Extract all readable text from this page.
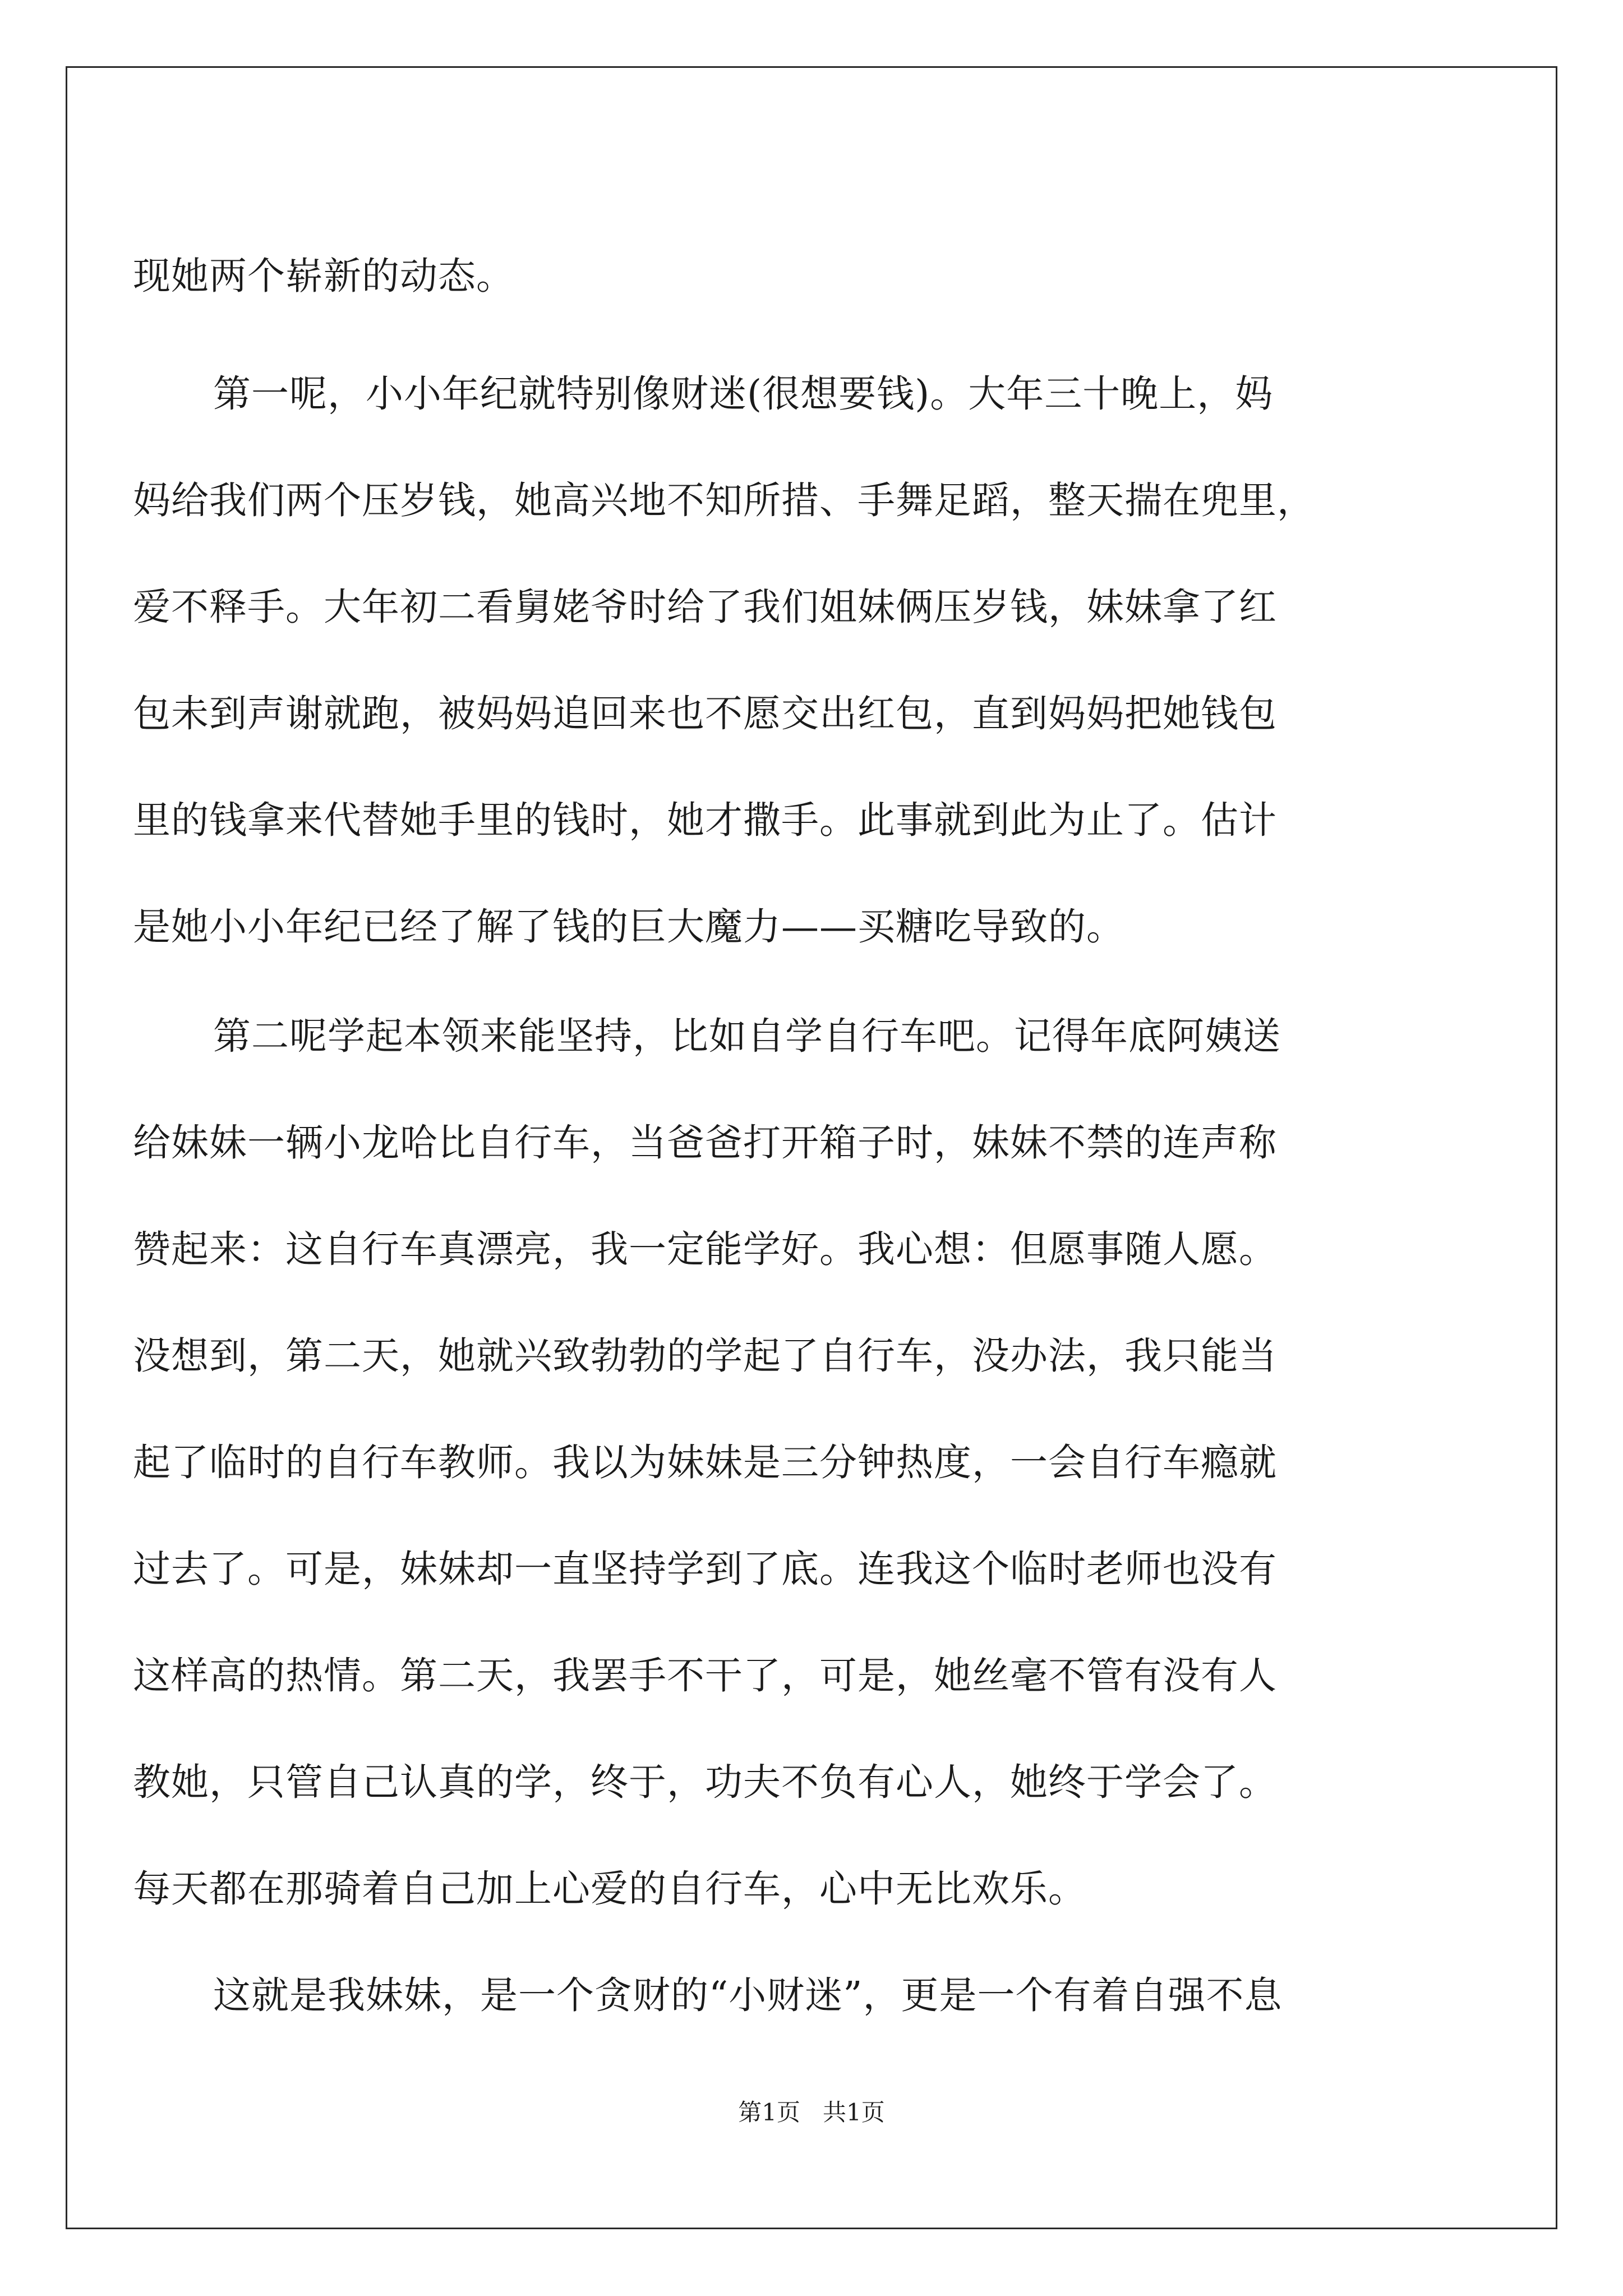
现她两个崭新的动态。

第一呢，小小年纪就特别像财迷(很想要钱)。大年三十晚上，妈

妈给我们两个压岁钱，她高兴地不知所措、手舞足蹈，整天揣在兜里，

爱不释手。大年初二看舅姥爷时给了我们姐妹俩压岁钱，妹妹拿了红

包未到声谢就跑，被妈妈追回来也不愿交出红包，直到妈妈把她钱包

里的钱拿来代替她手里的钱时，她才撒手。此事就到此为止了。估计

是她小小年纪已经了解了钱的巨大魔力——买糖吃导致的。

第二呢学起本领来能坚持，比如自学自行车吧。记得年底阿姨送

给妹妹一辆小龙哈比自行车，当爸爸打开箱子时，妹妹不禁的连声称

赞起来：这自行车真漂亮，我一定能学好。我心想：但愿事随人愿。

没想到，第二天，她就兴致勃勃的学起了自行车，没办法，我只能当

起了临时的自行车教师。我以为妹妹是三分钟热度，一会自行车瘾就

过去了。可是，妹妹却一直坚持学到了底。连我这个临时老师也没有

这样高的热情。第二天，我罢手不干了，可是，她丝毫不管有没有人

教她，只管自己认真的学，终于，功夫不负有心人，她终于学会了。

每天都在那骑着自己加上心爱的自行车，心中无比欢乐。

这就是我妹妹，是一个贪财的“小财迷”，更是一个有着自强不息

第1页   共1页
